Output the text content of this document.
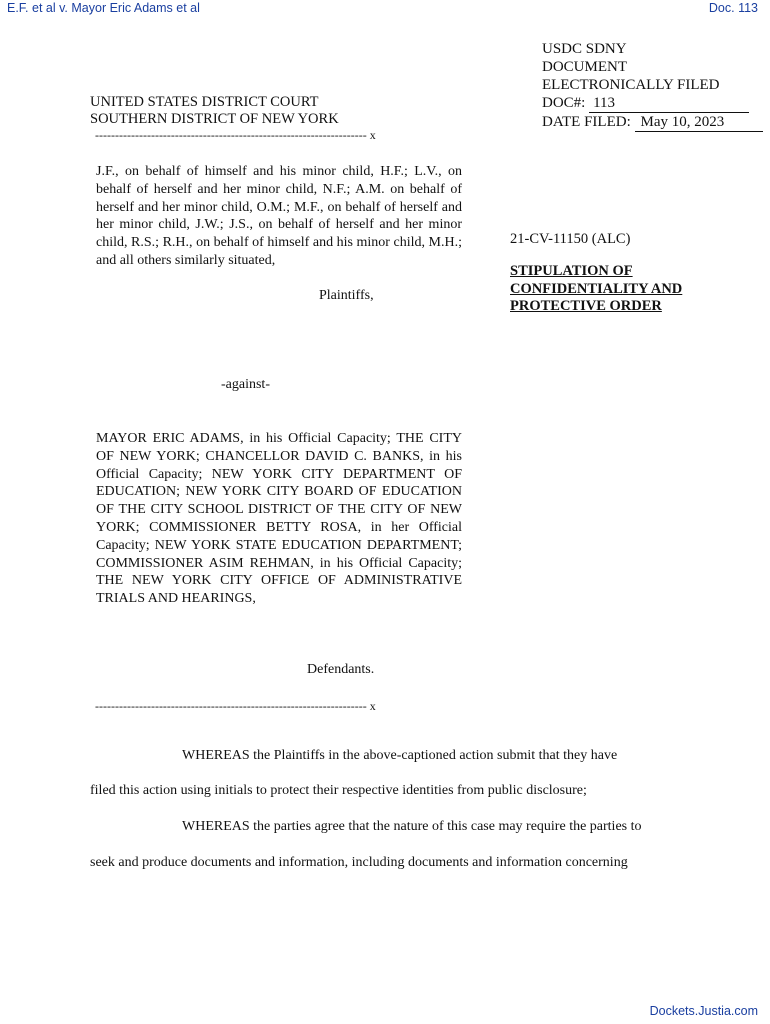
E.F. et al v. Mayor Eric Adams et al	Doc. 113
USDC SDNY
DOCUMENT
ELECTRONICALLY FILED
DOC#: 113
DATE FILED: May 10, 2023
UNITED STATES DISTRICT COURT
SOUTHERN DISTRICT OF NEW YORK
-------------------------------------------------------------------- x
J.F., on behalf of himself and his minor child, H.F.; L.V., on behalf of herself and her minor child, N.F.; A.M. on behalf of herself and her minor child, O.M.; M.F., on behalf of herself and her minor child, J.W.; J.S., on behalf of herself and her minor child, R.S.; R.H., on behalf of himself and his minor child, M.H.; and all others similarly situated,
Plaintiffs,
-against-
MAYOR ERIC ADAMS, in his Official Capacity; THE CITY OF NEW YORK; CHANCELLOR DAVID C. BANKS, in his Official Capacity; NEW YORK CITY DEPARTMENT OF EDUCATION; NEW YORK CITY BOARD OF EDUCATION OF THE CITY SCHOOL DISTRICT OF THE CITY OF NEW YORK; COMMISSIONER BETTY ROSA, in her Official Capacity; NEW YORK STATE EDUCATION DEPARTMENT; COMMISSIONER ASIM REHMAN, in his Official Capacity; THE NEW YORK CITY OFFICE OF ADMINISTRATIVE TRIALS AND HEARINGS,
Defendants.
-------------------------------------------------------------------- x
21-CV-11150 (ALC)
STIPULATION OF
CONFIDENTIALITY AND
PROTECTIVE ORDER
WHEREAS the Plaintiffs in the above-captioned action submit that they have
filed this action using initials to protect their respective identities from public disclosure;
WHEREAS the parties agree that the nature of this case may require the parties to
seek and produce documents and information, including documents and information concerning
Dockets.Justia.com
